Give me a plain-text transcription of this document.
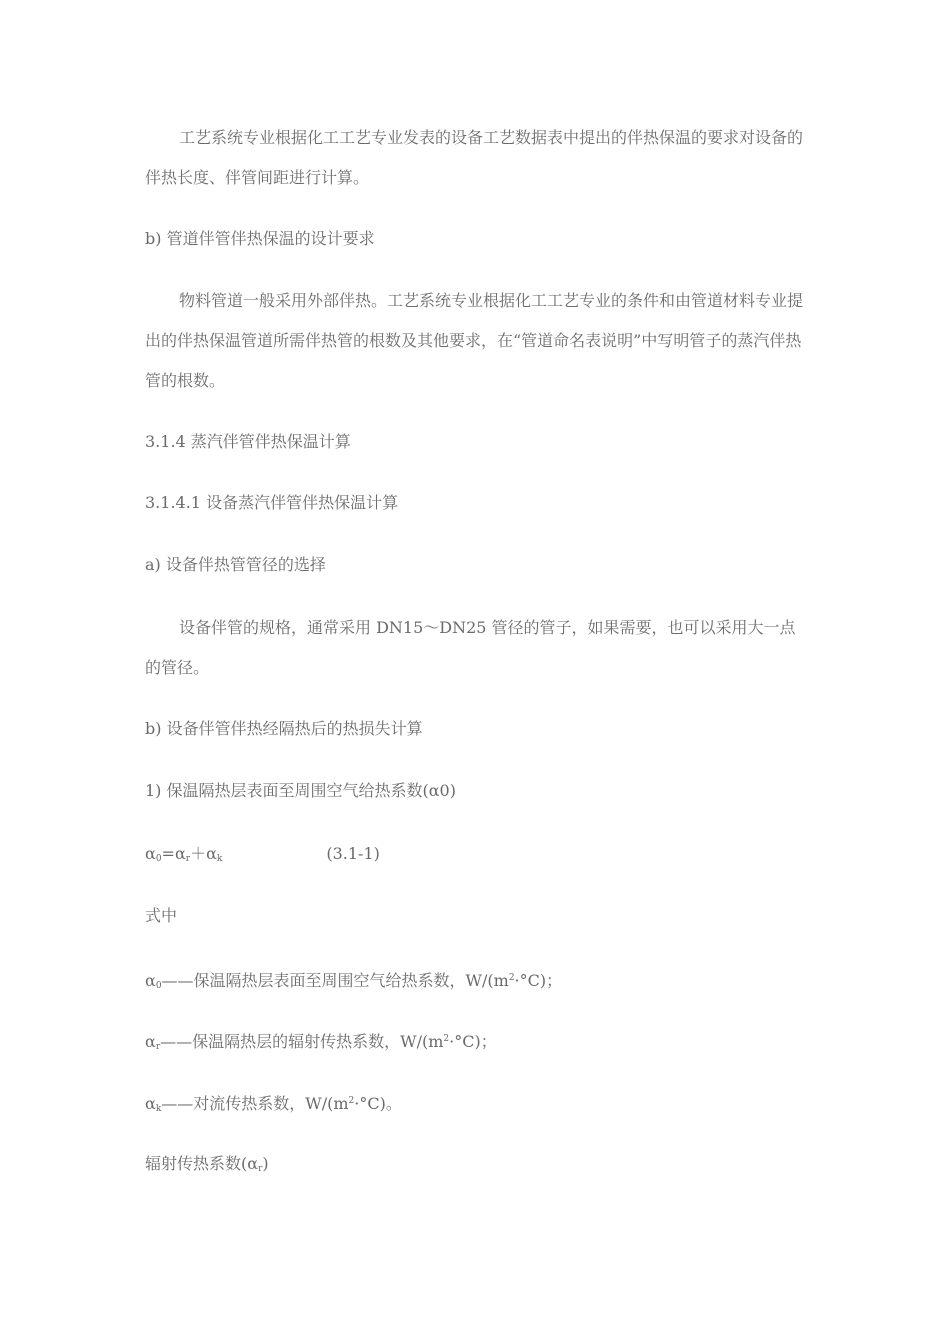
工艺系统专业根据化工工艺专业发表的设备工艺数据表中提出的伴热保温的要求对设备的伴热长度、伴管间距进行计算。

b) 管道伴管伴热保温的设计要求

物料管道一般采用外部伴热。工艺系统专业根据化工工艺专业的条件和由管道材料专业提出的伴热保温管道所需伴热管的根数及其他要求，在“管道命名表说明”中写明管子的蒸汽伴热管的根数。

3.1.4 蒸汽伴管伴热保温计算

3.1.4.1 设备蒸汽伴管伴热保温计算

a) 设备伴热管管径的选择

设备伴管的规格，通常采用 DN15～DN25 管径的管子，如果需要，也可以采用大一点的管径。

b) 设备伴管伴热经隔热后的热损失计算

1) 保温隔热层表面至周围空气给热系数(α0)

$\alpha_0=\alpha_r+\alpha_k$	(3.1-1)

式中

$\alpha_0——$保温隔热层表面至周围空气给热系数，$W/(m^2\cdot^\circ C)$；

$\alpha_r——$保温隔热层的辐射传热系数，$W/(m^2\cdot^\circ C)$；

$\alpha_k——$对流传热系数，$W/(m^2\cdot^\circ C)$。

辐射传热系数$(\alpha_r)$
